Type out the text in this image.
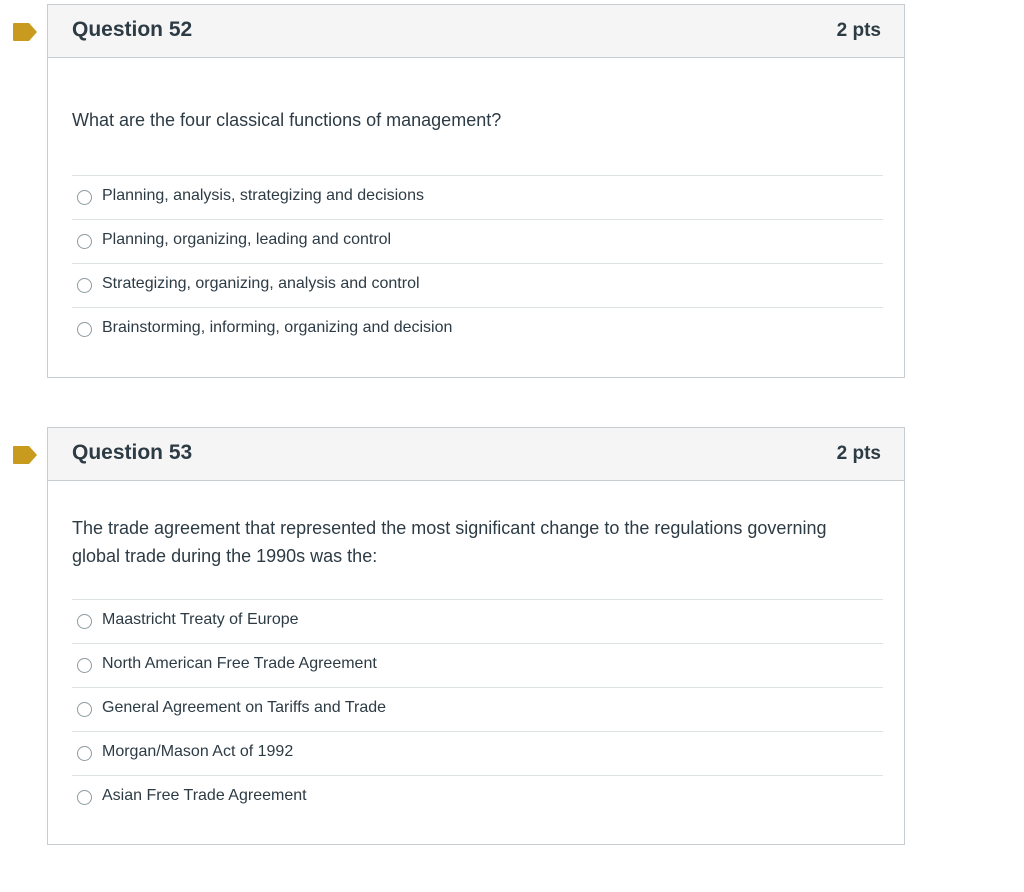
Question 52	2 pts
What are the four classical functions of management?
Planning, analysis, strategizing and decisions
Planning, organizing, leading and control
Strategizing, organizing, analysis and control
Brainstorming, informing, organizing and decision
Question 53	2 pts
The trade agreement that represented the most significant change to the regulations governing global trade during the 1990s was the:
Maastricht Treaty of Europe
North American Free Trade Agreement
General Agreement on Tariffs and Trade
Morgan/Mason Act of 1992
Asian Free Trade Agreement
